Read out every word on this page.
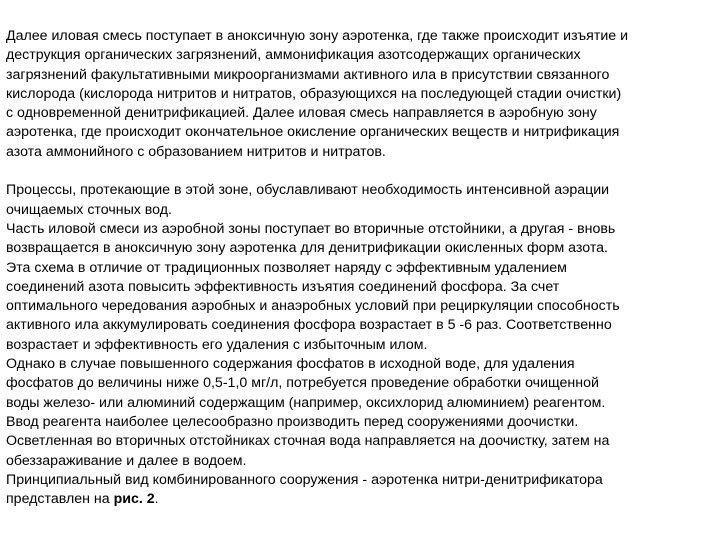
Далее иловая смесь поступает в аноксичную зону аэротенка, где также происходит изъятие и
деструкция органических загрязнений, аммонификация азотсодержащих органических
загрязнений факультативными микроорганизмами активного ила в присутствии связанного
кислорода (кислорода нитритов и нитратов, образующихся на последующей стадии очистки)
с одновременной денитрификацией. Далее иловая смесь направляется в аэробную зону
аэротенка, где происходит окончательное окисление органических веществ и нитрификация
азота аммонийного с образованием нитритов и нитратов.
Процессы, протекающие в этой зоне, обуславливают необходимость интенсивной аэрации
очищаемых сточных вод.
Часть иловой смеси из аэробной зоны поступает во вторичные отстойники, а другая - вновь
возвращается в аноксичную зону аэротенка для денитрификации окисленных форм азота.
Эта схема в отличие от традиционных позволяет наряду с эффективным удалением
соединений азота повысить эффективность изъятия соединений фосфора. За счет
оптимального чередования аэробных и анаэробных условий при рециркуляции способность
активного ила аккумулировать соединения фосфора возрастает в 5 -6 раз. Соответственно
возрастает и эффективность его удаления с избыточным илом.
Однако в случае повышенного содержания фосфатов в исходной воде, для удаления
фосфатов до величины ниже 0,5-1,0 мг/л, потребуется проведение обработки очищенной
воды железо- или алюминий содержащим (например, оксихлорид алюминием) реагентом.
Ввод реагента наиболее целесообразно производить перед сооружениями доочистки.
Осветленная во вторичных отстойниках сточная вода направляется на доочистку, затем на
обеззараживание и далее в водоем.
Принципиальный вид комбинированного сооружения - аэротенка нитри-денитрификатора
представлен на рис. 2.
